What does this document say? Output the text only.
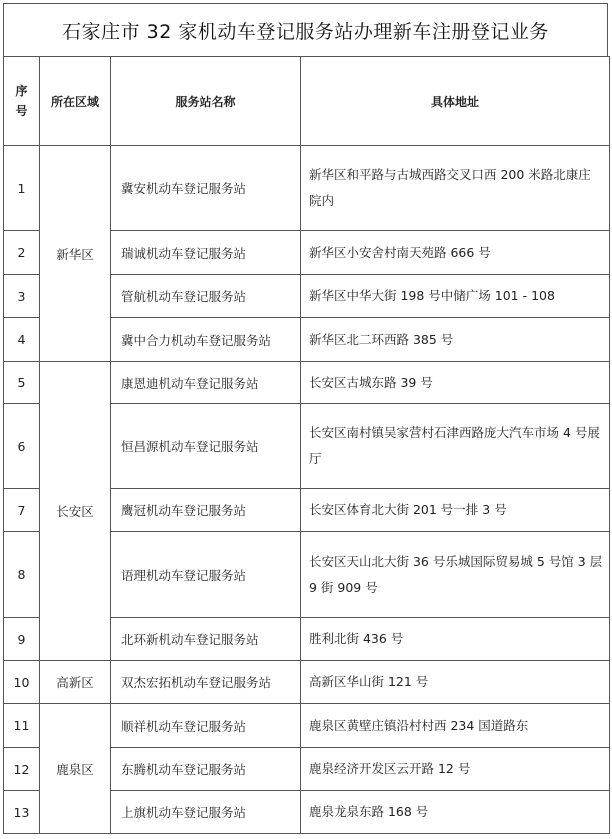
石家庄市 32 家机动车登记服务站办理新车注册登记业务
序
号	所在区域	服务站名称	具体地址
1	新华区	冀安机动车登记服务站	新华区和平路与古城西路交叉口西 200 米路北康庄院内
2		瑞诚机动车登记服务站	新华区小安舍村南天苑路 666 号
3		管航机动车登记服务站	新华区中华大街 198 号中储广场 101 - 108
4		冀中合力机动车登记服务站	新华区北二环西路 385 号
5	长安区	康恩迪机动车登记服务站	长安区古城东路 39 号
6		恒昌源机动车登记服务站	长安区南村镇吴家营村石津西路庞大汽车市场 4 号展厅
7		鹰冠机动车登记服务站	长安区体育北大街 201 号一排 3 号
8		语理机动车登记服务站	长安区天山北大街 36 号乐城国际贸易城 5 号馆 3 层 9 街 909 号
9		北环新机动车登记服务站	胜利北街 436 号
10	高新区	双杰宏拓机动车登记服务站	高新区华山街 121 号
11	鹿泉区	顺祥机动车登记服务站	鹿泉区黄壁庄镇沿村村西 234 国道路东
12		东腾机动车登记服务站	鹿泉经济开发区云开路 12 号
13		上旗机动车登记服务站	鹿泉龙泉东路 168 号
